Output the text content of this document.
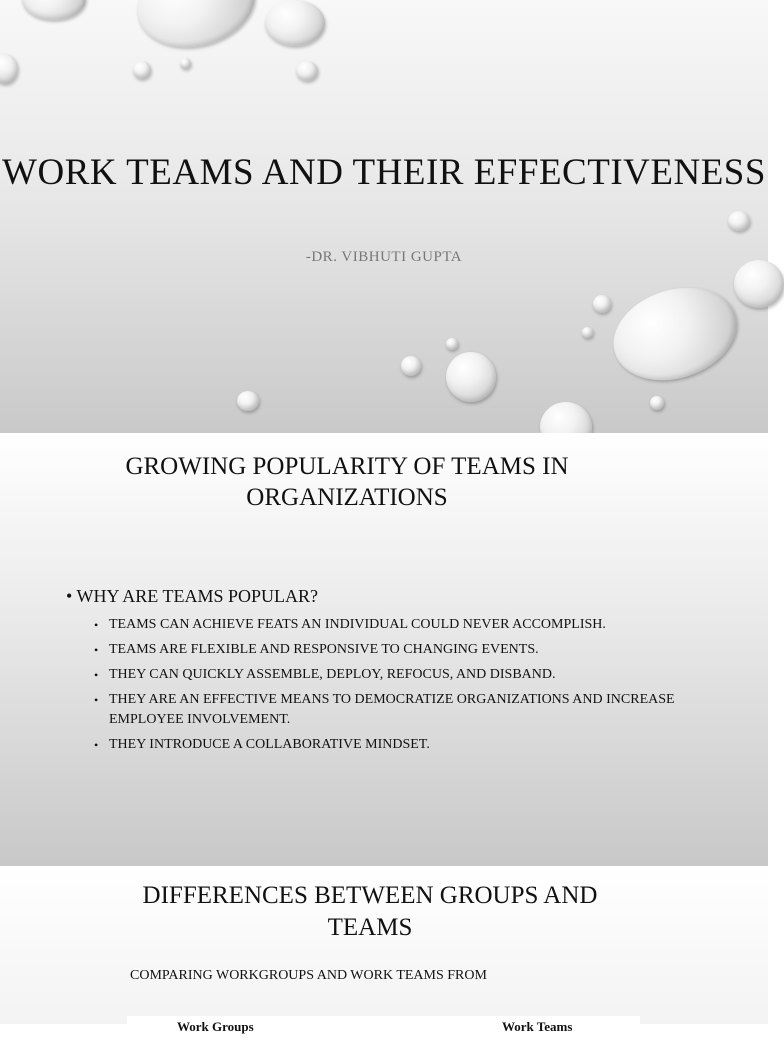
WORK TEAMS AND THEIR EFFECTIVENESS
-DR. VIBHUTI GUPTA
GROWING POPULARITY OF TEAMS IN ORGANIZATIONS
• WHY ARE TEAMS POPULAR?
• TEAMS CAN ACHIEVE FEATS AN INDIVIDUAL COULD NEVER ACCOMPLISH.
• TEAMS ARE FLEXIBLE AND RESPONSIVE TO CHANGING EVENTS.
• THEY CAN QUICKLY ASSEMBLE, DEPLOY, REFOCUS, AND DISBAND.
• THEY ARE AN EFFECTIVE MEANS TO DEMOCRATIZE ORGANIZATIONS AND INCREASE EMPLOYEE INVOLVEMENT.
• THEY INTRODUCE A COLLABORATIVE MINDSET.
DIFFERENCES BETWEEN GROUPS AND TEAMS
COMPARING WORKGROUPS AND WORK TEAMS FROM
Work Groups	Work Teams
